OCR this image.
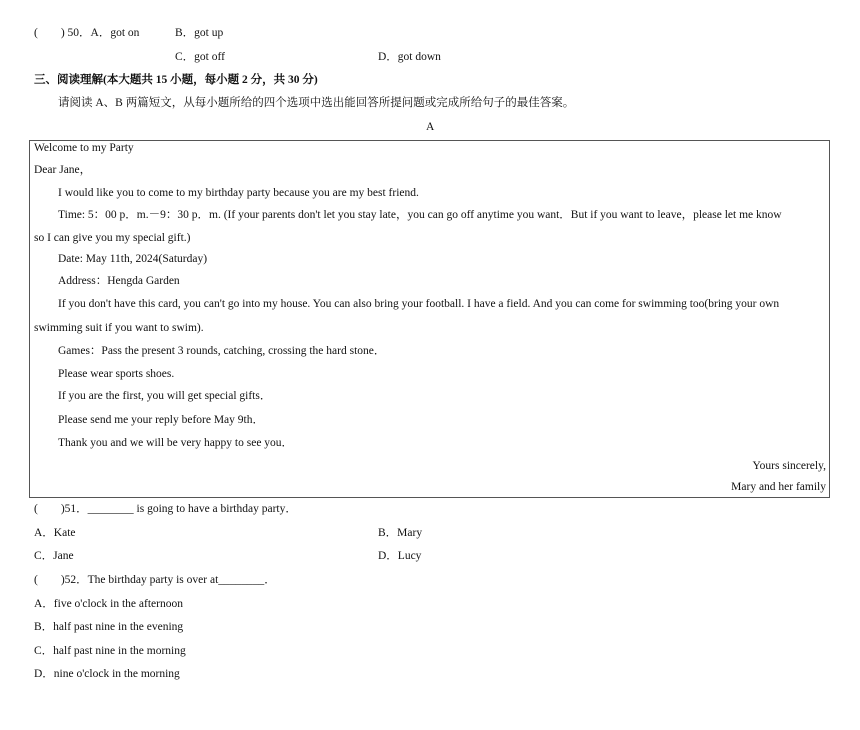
(　　) 50．A．got on	B．got up
C．got off	D．got down
三、阅读理解(本大题共 15 小题，每小题 2 分，共 30 分)
请阅读 A、B 两篇短文，从每小题所给的四个选项中选出能回答所提问题或完成所给句子的最佳答案。
A
Welcome to my Party
Dear Jane，
I would like you to come to my birthday party because you are my best friend.
Time: 5：00 p．m.－9：30 p．m. (If your parents don't let you stay late，you can go off anytime you want．But if you want to leave，please let me know
so I can give you my special gift.)
Date: May 11th, 2024(Saturday)
Address：Hengda Garden
If you don't have this card, you can't go into my house. You can also bring your football. I have a field. And you can come for swimming too(bring your own
swimming suit if you want to swim).
Games：Pass the present 3 rounds, catching, crossing the hard stone．
Please wear sports shoes.
If you are the first, you will get special gifts．
Please send me your reply before May 9th．
Thank you and we will be very happy to see you．
Yours sincerely,
Mary and her family
(　　)51．________ is going to have a birthday party．
A．Kate	B．Mary
C．Jane	D．Lucy
(　　)52．The birthday party is over at________．
A．five o'clock in the afternoon
B．half past nine in the evening
C．half past nine in the morning
D．nine o'clock in the morning
